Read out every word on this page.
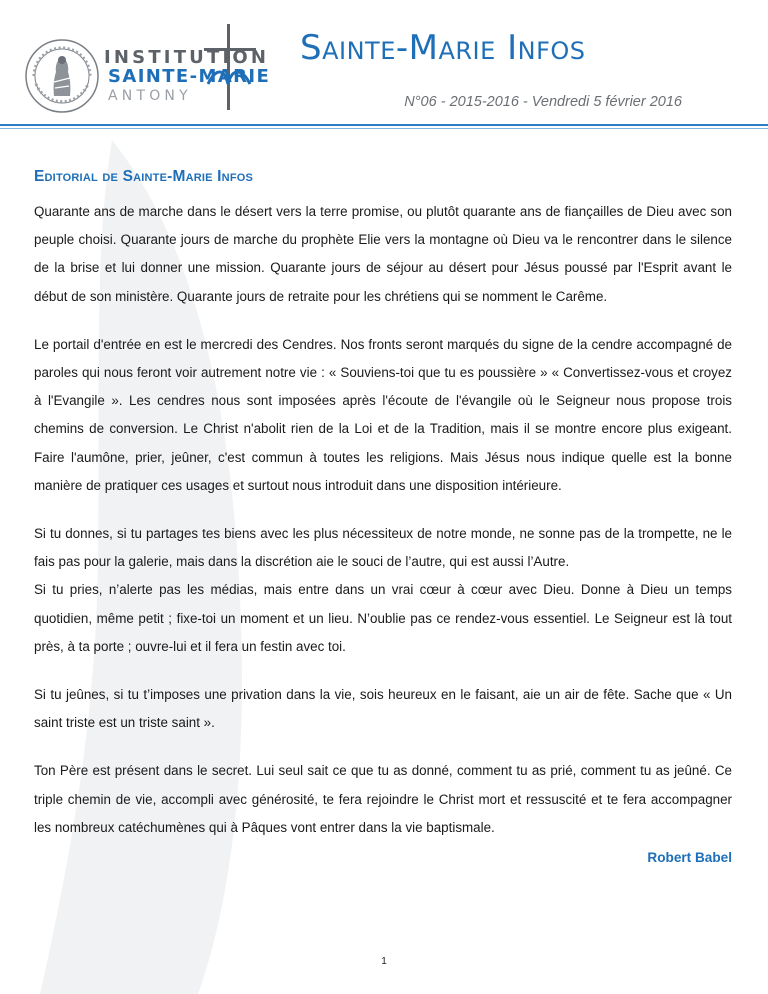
INSTITUTION
SAINTE-MARIE
ANTONY
Sainte-Marie Infos
N°06 - 2015-2016 - Vendredi 5 février 2016
Editorial de Sainte-Marie Infos

Quarante ans de marche dans le désert vers la terre promise, ou plutôt quarante ans de fiançailles de Dieu avec son peuple choisi. Quarante jours de marche du prophète Elie vers la montagne où Dieu va le rencontrer dans le silence de la brise et lui donner une mission. Quarante jours de séjour au désert pour Jésus poussé par l'Esprit avant le début de son ministère. Quarante jours de retraite pour les chrétiens qui se nomment le Carême.

Le portail d'entrée en est le mercredi des Cendres. Nos fronts seront marqués du signe de la cendre accompagné de paroles qui nous feront voir autrement notre vie : « Souviens-toi que tu es poussière » « Convertissez-vous et croyez à l'Evangile ». Les cendres nous sont imposées après l'écoute de l'évangile où le Seigneur nous propose trois chemins de conversion. Le Christ n'abolit rien de la Loi et de la Tradition, mais il se montre encore plus exigeant. Faire l'aumône, prier, jeûner, c'est commun à toutes les religions. Mais Jésus nous indique quelle est la bonne manière de pratiquer ces usages et surtout nous introduit dans une disposition intérieure.

Si tu donnes, si tu partages tes biens avec les plus nécessiteux de notre monde, ne sonne pas de la trompette, ne le fais pas pour la galerie, mais dans la discrétion aie le souci de l’autre, qui est aussi l’Autre.

Si tu pries, n’alerte pas les médias, mais entre dans un vrai cœur à cœur avec Dieu. Donne à Dieu un temps quotidien, même petit ; fixe-toi un moment et un lieu. N’oublie pas ce rendez-vous essentiel. Le Seigneur est là tout près, à ta porte ; ouvre-lui et il fera un festin avec toi.

Si tu jeûnes, si tu t’imposes une privation dans la vie, sois heureux en le faisant, aie un air de fête. Sache que « Un saint triste est un triste saint ».

Ton Père est présent dans le secret. Lui seul sait ce que tu as donné, comment tu as prié, comment tu as jeûné. Ce triple chemin de vie, accompli avec générosité, te fera rejoindre le Christ mort et ressuscité et te fera accompagner les nombreux catéchumènes qui à Pâques vont entrer dans la vie baptismale.

Robert Babel
1
